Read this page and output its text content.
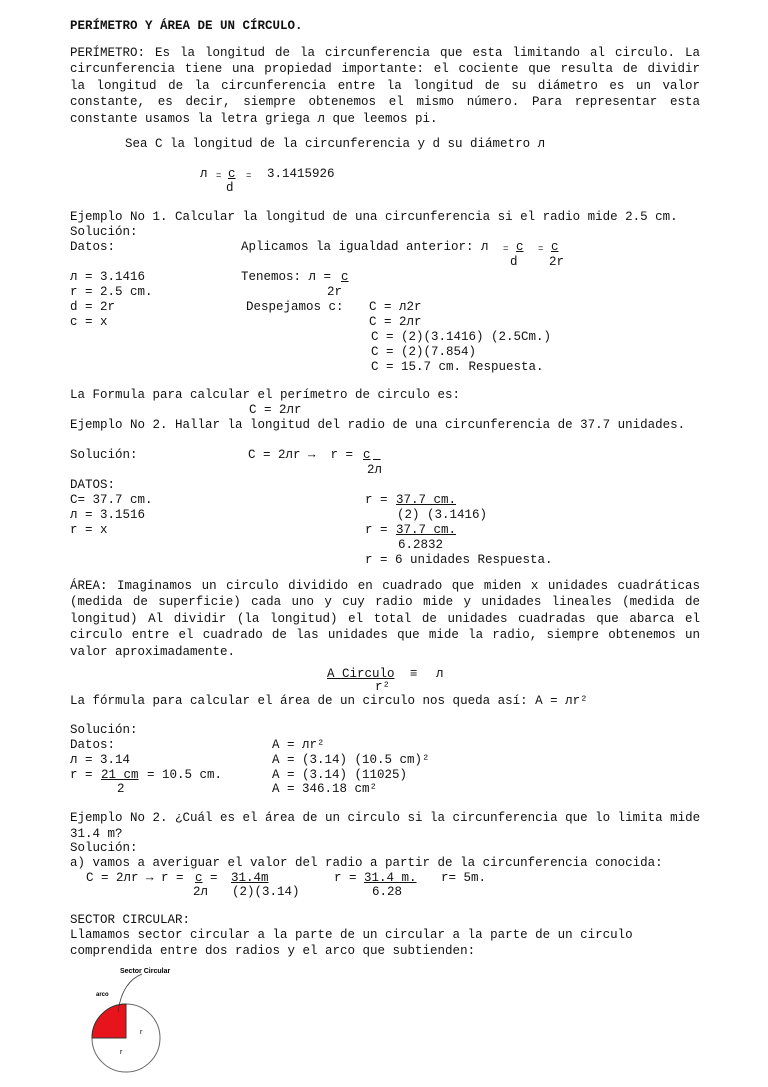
PERÍMETRO Y ÁREA DE UN CÍRCULO.
PERÍMETRO: Es la longitud de la circunferencia que esta limitando al circulo. La circunferencia tiene una propiedad importante: el cociente que resulta de dividir la longitud de la circunferencia entre la longitud de su diámetro es un valor constante, es decir, siempre obtenemos el mismo número. Para representar esta constante usamos la letra griega л que leemos pi.
Sea C la longitud de la circunferencia y d su diámetro л
л = c = 3.1415926
d
Ejemplo No 1. Calcular la longitud de una circunferencia si el radio mide 2.5 cm.
Solución:
Datos:	Aplicamos la igualdad anterior: л = c = c
d	2r
л = 3.1416	Tenemos: л = c
r = 2.5 cm.	2r
d = 2r	Despejamos c: C = л2r
c = x	C = 2лr
C = (2)(3.1416) (2.5Cm.)
C = (2)(7.854)
C = 15.7 cm. Respuesta.
La Formula para calcular el perímetro de circulo es:
C = 2лr
Ejemplo No 2. Hallar la longitud del radio de una circunferencia de 37.7 unidades.
Solución:	C = 2лr →  r = c

2л
DATOS:
C= 37.7 cm.	r = 37.7 cm.
л = 3.1516	(2) (3.1416)
r = x	r = 37.7 cm.
6.2832
r = 6 unidades Respuesta.
ÁREA: Imaginamos un circulo dividido en cuadrado que miden x unidades cuadráticas (medida de superficie) cada uno y cuy radio mide y unidades lineales (medida de longitud) Al dividir (la longitud) el total de unidades cuadradas que abarca el circulo entre el cuadrado de las unidades que mide la radio, siempre obtenemos un valor aproximadamente.
A Circulo ≡ л
r²
La fórmula para calcular el área de un circulo nos queda así: A = лr²
Solución:
Datos:	A = лr²
л = 3.14	A = (3.14) (10.5 cm)²
r = 21 cm = 10.5 cm.	A = (3.14) (11025)
2	A = 346.18 cm²
Ejemplo No 2. ¿Cuál es el área de un circulo si la circunferencia que lo limita mide 31.4 m?
Solución:
a) vamos a averiguar el valor del radio a partir de la circunferencia conocida:
C = 2лr → r = c = 31.4m	r = 31.4 m. r= 5m.
2л (2)(3.14)	6.28
SECTOR CIRCULAR:
Llamamos sector circular a la parte de un circular a la parte de un circulo comprendida entre dos radios y el arco que subtienden:
Sector Circular
arco
r
r
